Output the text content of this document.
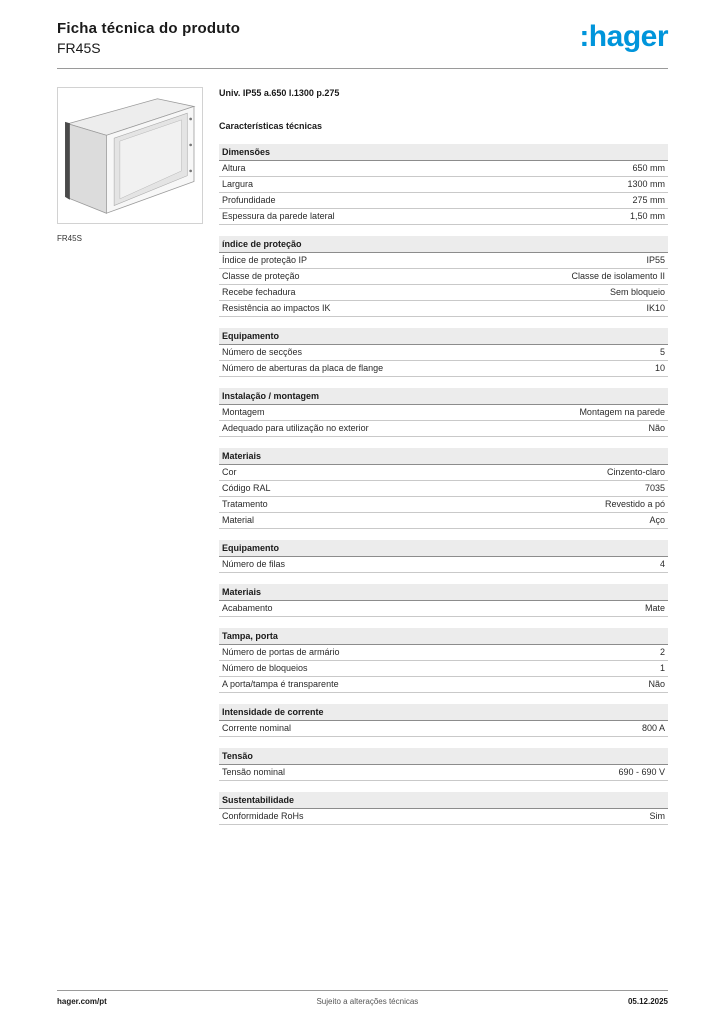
Ficha técnica do produto
FR45S	:hager
FR45S
Univ. IP55 a.650 l.1300 p.275
Características técnicas
Dimensões
Altura	650 mm
Largura	1300 mm
Profundidade	275 mm
Espessura da parede lateral	1,50 mm
índice de proteção
Índice de proteção IP	IP55
Classe de proteção	Classe de isolamento II
Recebe fechadura	Sem bloqueio
Resistência ao impactos IK	IK10
Equipamento
Número de secções	5
Número de aberturas da placa de flange	10
Instalação / montagem
Montagem	Montagem na parede
Adequado para utilização no exterior	Não
Materiais
Cor	Cinzento-claro
Código RAL	7035
Tratamento	Revestido a pó
Material	Aço
Equipamento
Número de filas	4
Materiais
Acabamento	Mate
Tampa, porta
Número de portas de armário	2
Número de bloqueios	1
A porta/tampa é transparente	Não
Intensidade de corrente
Corrente nominal	800 A
Tensão
Tensão nominal	690 - 690 V
Sustentabilidade
Conformidade RoHs	Sim
hager.com/pt	Sujeito a alterações técnicas	05.12.2025
